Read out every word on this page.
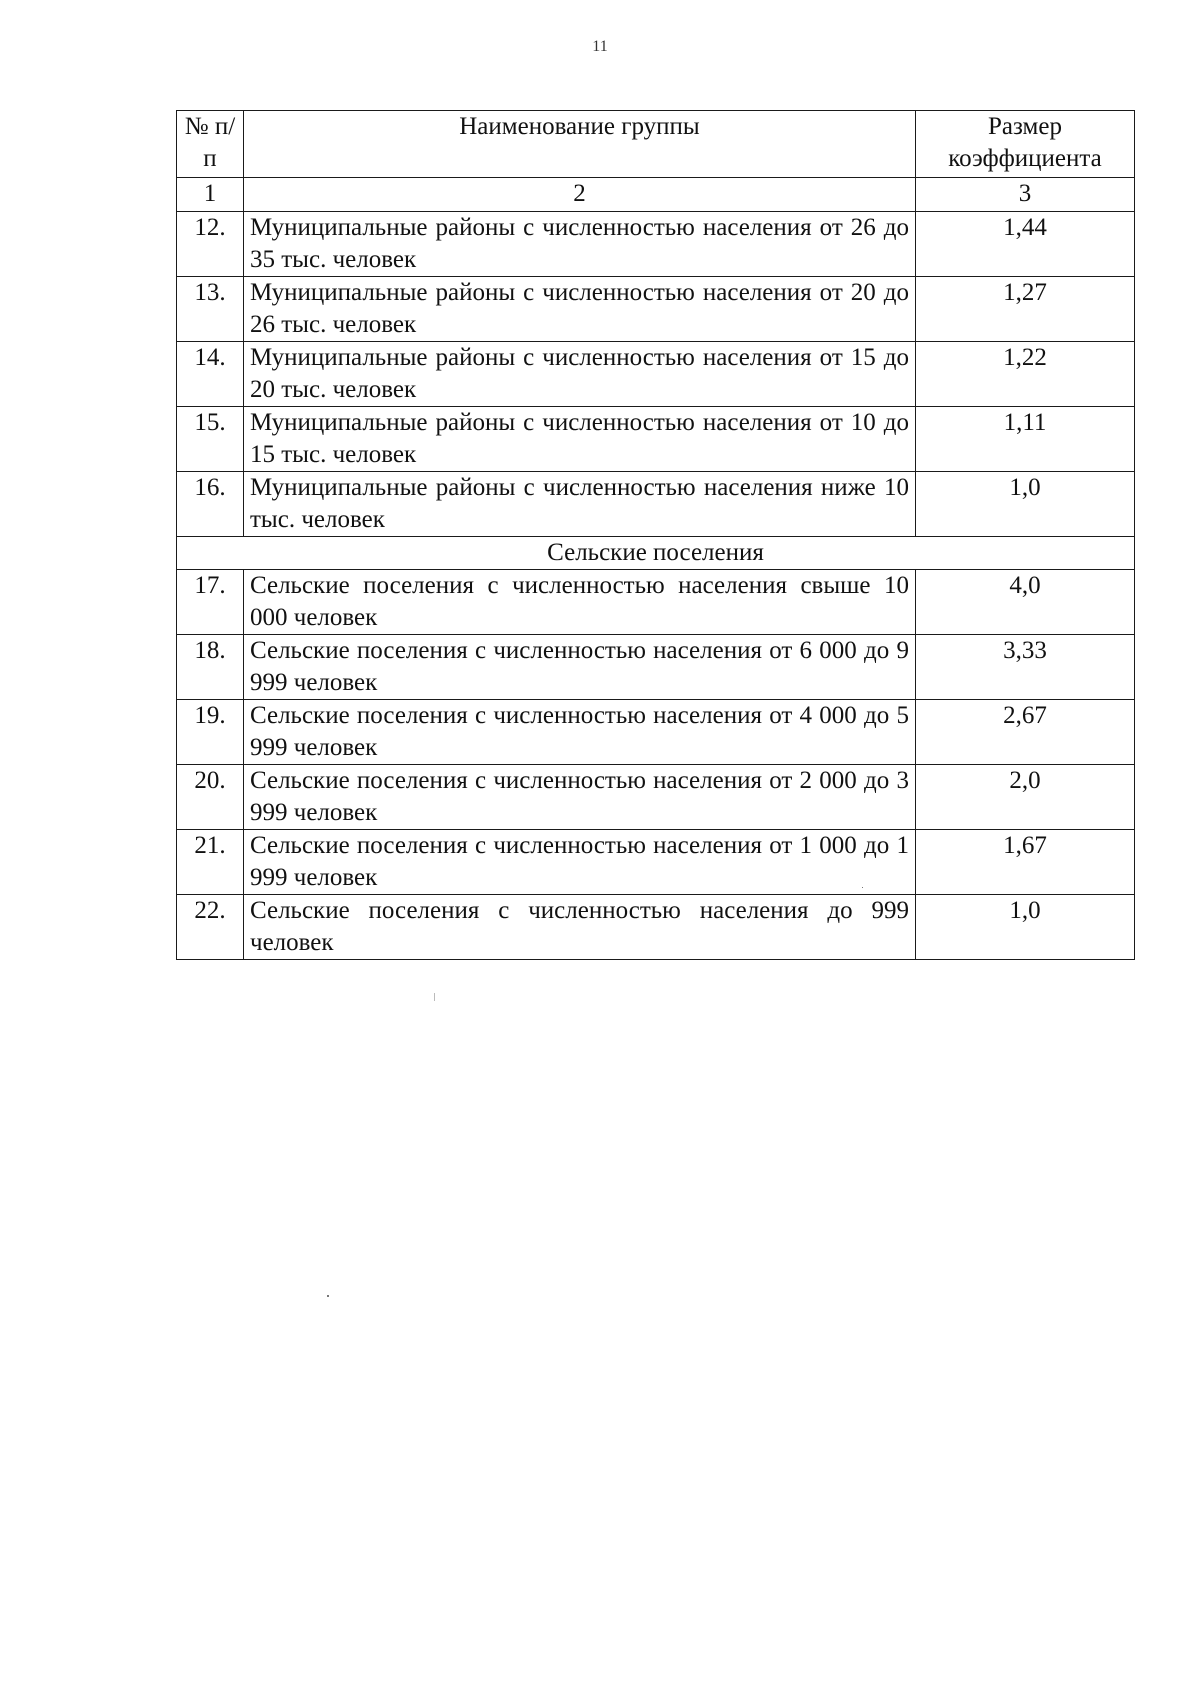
11
№ п/п	Наименование группы	Размер коэффициента
1	2	3
12.	Муниципальные районы с численностью населения от 26 до 35 тыс. человек	1,44
13.	Муниципальные районы с численностью населения от 20 до 26 тыс. человек	1,27
14.	Муниципальные районы с численностью населения от 15 до 20 тыс. человек	1,22
15.	Муниципальные районы с численностью населения от 10 до 15 тыс. человек	1,11
16.	Муниципальные районы с численностью населения ниже 10 тыс. человек	1,0
Сельские поселения		
17.	Сельские поселения с численностью населения свыше 10 000 человек	4,0
18.	Сельские поселения с численностью населения от 6 000 до 9 999 человек	3,33
19.	Сельские поселения с численностью населения от 4 000 до 5 999 человек	2,67
20.	Сельские поселения с численностью населения от 2 000 до 3 999 человек	2,0
21.	Сельские поселения с численностью населения от 1 000 до 1 999 человек	1,67
22.	Сельские поселения с численностью населения до 999 человек	1,0
